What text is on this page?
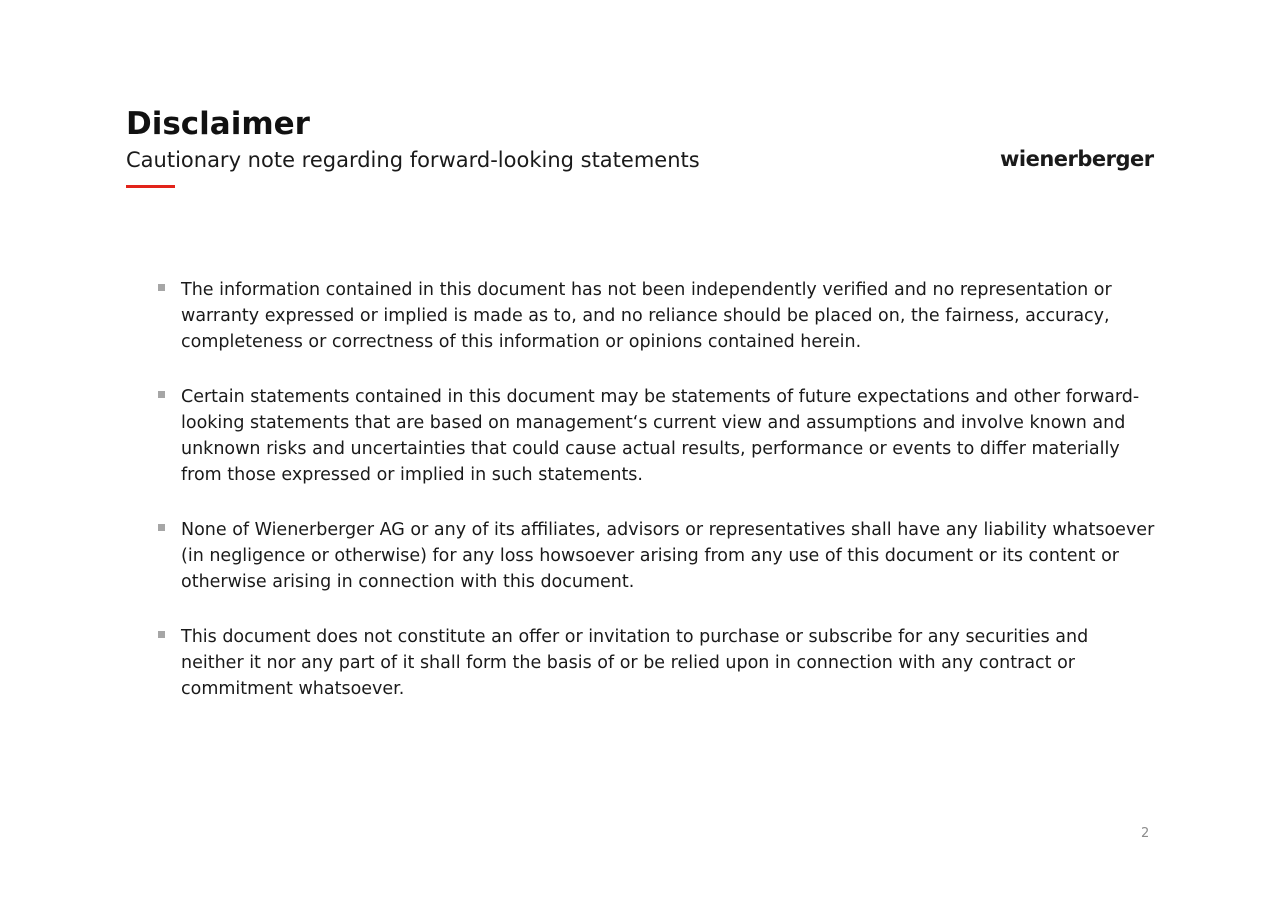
Disclaimer
Cautionary note regarding forward-looking statements	wienerberger
The information contained in this document has not been independently verified and no representation or warranty expressed or implied is made as to, and no reliance should be placed on, the fairness, accuracy, completeness or correctness of this information or opinions contained herein.
Certain statements contained in this document may be statements of future expectations and other forward-looking statements that are based on management‘s current view and assumptions and involve known and unknown risks and uncertainties that could cause actual results, performance or events to differ materially from those expressed or implied in such statements.
None of Wienerberger AG or any of its affiliates, advisors or representatives shall have any liability whatsoever (in negligence or otherwise) for any loss howsoever arising from any use of this document or its content or otherwise arising in connection with this document.
This document does not constitute an offer or invitation to purchase or subscribe for any securities and neither it nor any part of it shall form the basis of or be relied upon in connection with any contract or commitment whatsoever.
2
